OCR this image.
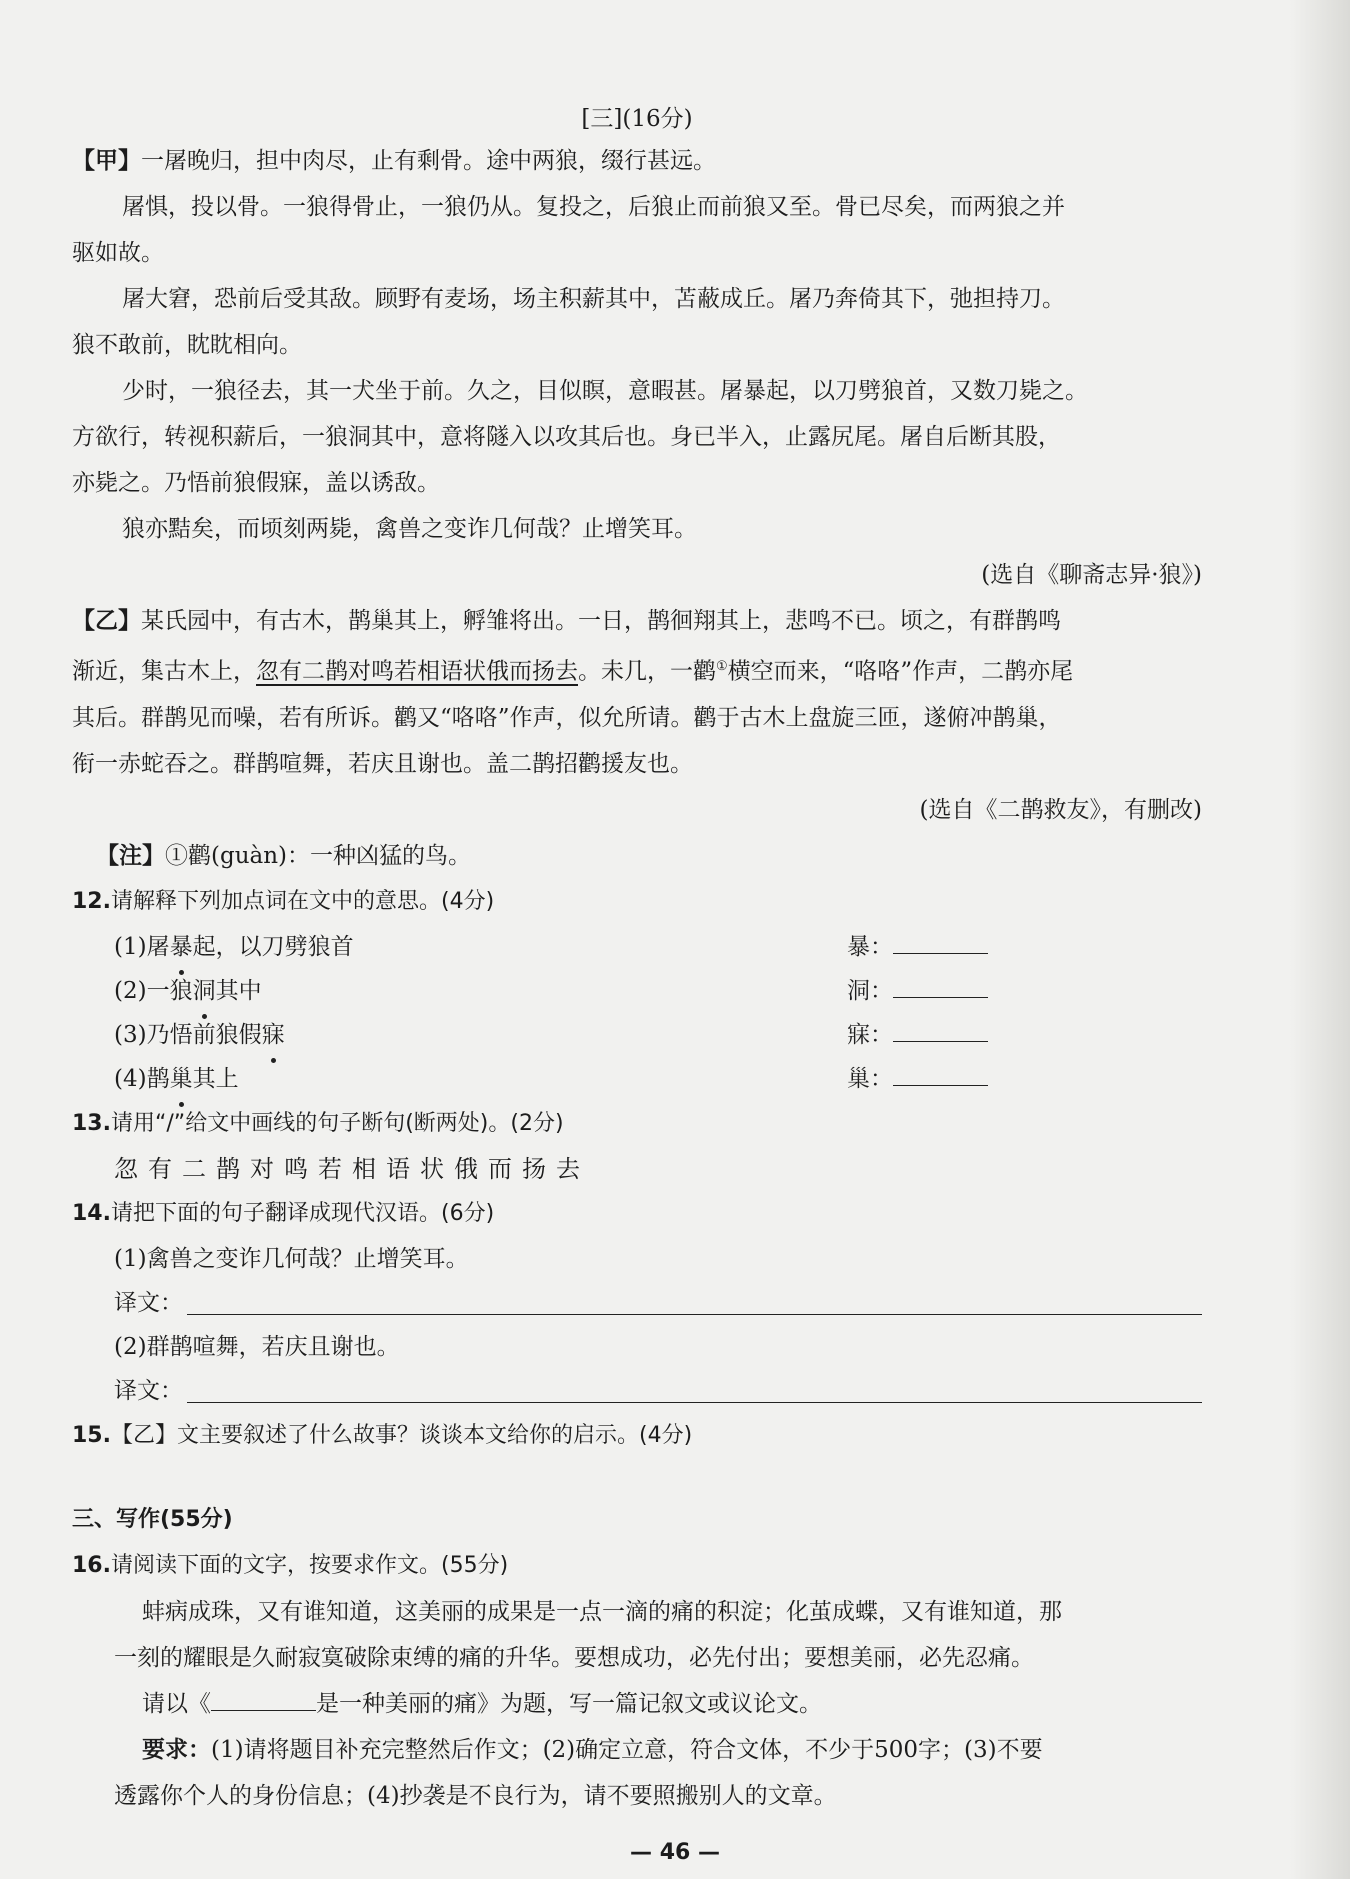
[三](16分)
【甲】一屠晚归，担中肉尽，止有剩骨。途中两狼，缀行甚远。
屠惧，投以骨。一狼得骨止，一狼仍从。复投之，后狼止而前狼又至。骨已尽矣，而两狼之并
驱如故。
屠大窘，恐前后受其敌。顾野有麦场，场主积薪其中，苫蔽成丘。屠乃奔倚其下，弛担持刀。
狼不敢前，眈眈相向。
少时，一狼径去，其一犬坐于前。久之，目似瞑，意暇甚。屠暴起，以刀劈狼首，又数刀毙之。
方欲行，转视积薪后，一狼洞其中，意将隧入以攻其后也。身已半入，止露尻尾。屠自后断其股，
亦毙之。乃悟前狼假寐，盖以诱敌。
狼亦黠矣，而顷刻两毙，禽兽之变诈几何哉？止增笑耳。
(选自《聊斋志异·狼》)
【乙】某氏园中，有古木，鹊巢其上，孵雏将出。一日，鹊徊翔其上，悲鸣不已。顷之，有群鹊鸣
渐近，集古木上，忽有二鹊对鸣若相语状俄而扬去。未几，一鹳①横空而来，“咯咯”作声，二鹊亦尾
其后。群鹊见而噪，若有所诉。鹳又“咯咯”作声，似允所请。鹳于古木上盘旋三匝，遂俯冲鹊巢，
衔一赤蛇吞之。群鹊喧舞，若庆且谢也。盖二鹊招鹳援友也。
(选自《二鹊救友》，有删改)
【注】①鹳(guàn)：一种凶猛的鸟。
12.请解释下列加点词在文中的意思。(4分)
(1)屠暴起，以刀劈狼首	暴：
(2)一狼洞其中	洞：
(3)乃悟前狼假寐	寐：
(4)鹊巢其上	巢：
13.请用“/”给文中画线的句子断句(断两处)。(2分)
忽有二鹊对鸣若相语状俄而扬去
14.请把下面的句子翻译成现代汉语。(6分)
(1)禽兽之变诈几何哉？止增笑耳。
译文：
(2)群鹊喧舞，若庆且谢也。
译文：
15.【乙】文主要叙述了什么故事？谈谈本文给你的启示。(4分)
三、写作(55分)
16.请阅读下面的文字，按要求作文。(55分)
蚌病成珠，又有谁知道，这美丽的成果是一点一滴的痛的积淀；化茧成蝶，又有谁知道，那
一刻的耀眼是久耐寂寞破除束缚的痛的升华。要想成功，必先付出；要想美丽，必先忍痛。
请以《	是一种美丽的痛》为题，写一篇记叙文或议论文。
要求：(1)请将题目补充完整然后作文；(2)确定立意，符合文体，不少于500字；(3)不要
透露你个人的身份信息；(4)抄袭是不良行为，请不要照搬别人的文章。
— 46 —
